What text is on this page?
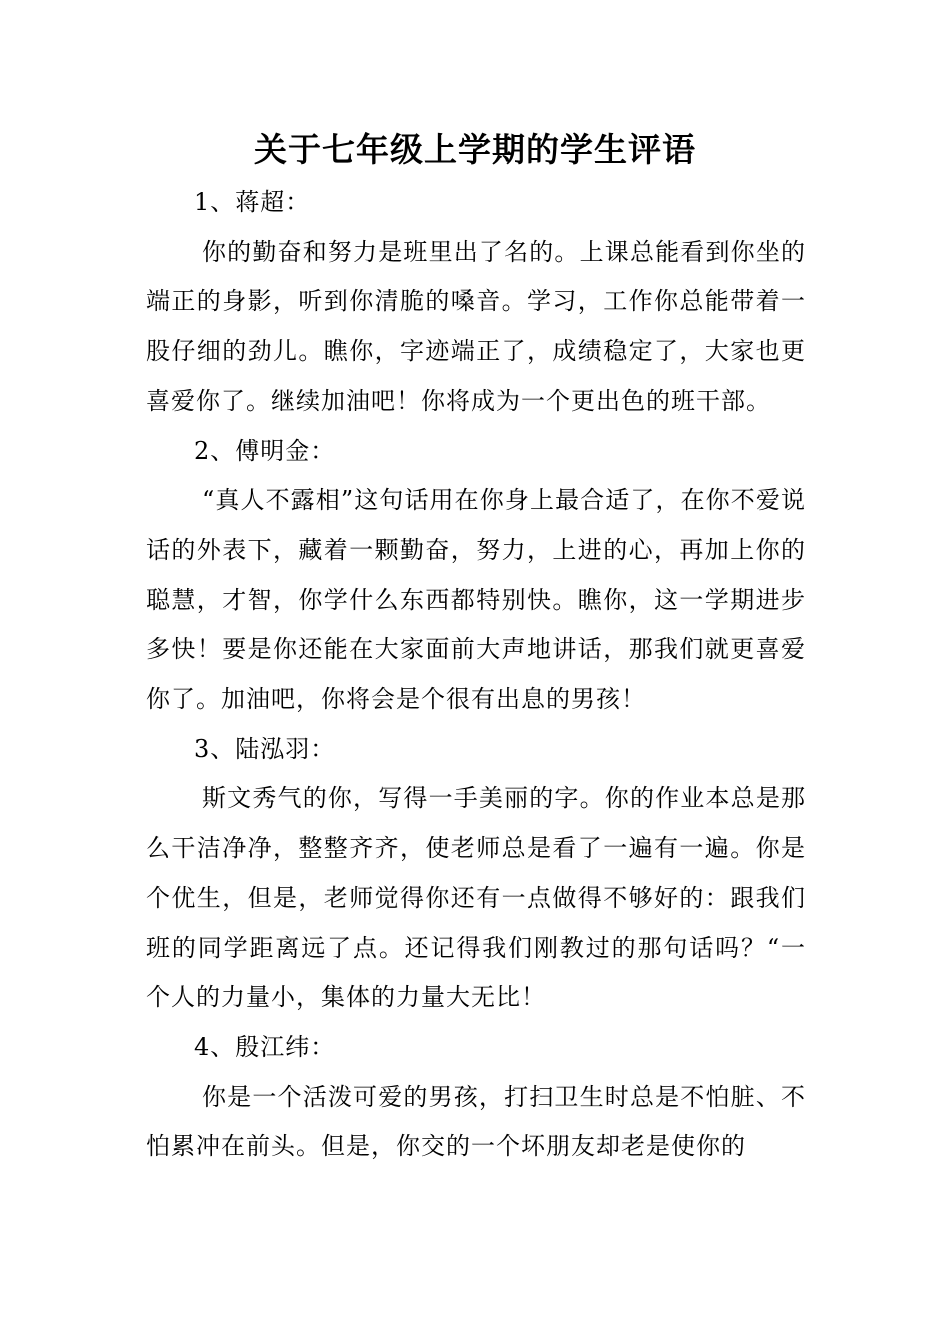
关于七年级上学期的学生评语

1、蒋超：

你的勤奋和努力是班里出了名的。上课总能看到你坐的端正的身影，听到你清脆的嗓音。学习，工作你总能带着一股仔细的劲儿。瞧你，字迹端正了，成绩稳定了，大家也更喜爱你了。继续加油吧！你将成为一个更出色的班干部。

2、傅明金：

“真人不露相”这句话用在你身上最合适了，在你不爱说话的外表下，藏着一颗勤奋，努力，上进的心，再加上你的聪慧，才智，你学什么东西都特别快。瞧你，这一学期进步多快！要是你还能在大家面前大声地讲话，那我们就更喜爱你了。加油吧，你将会是个很有出息的男孩！

3、陆泓羽：

斯文秀气的你，写得一手美丽的字。你的作业本总是那么干洁净净，整整齐齐，使老师总是看了一遍有一遍。你是个优生，但是，老师觉得你还有一点做得不够好的：跟我们班的同学距离远了点。还记得我们刚教过的那句话吗？“一个人的力量小，集体的力量大无比！

4、殷江纬：

你是一个活泼可爱的男孩，打扫卫生时总是不怕脏、不怕累冲在前头。但是，你交的一个坏朋友却老是使你的
